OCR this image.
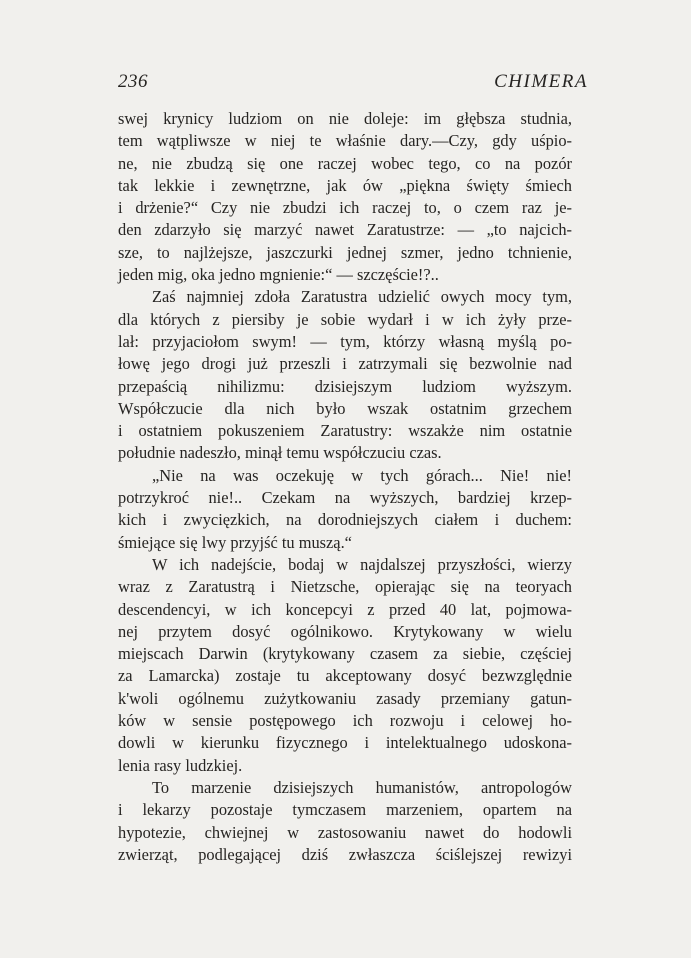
236	CHIMERA
swej krynicy ludziom on nie doleje: im głębsza studnia,
tem wątpliwsze w niej te właśnie dary.—Czy, gdy uśpio-
ne, nie zbudzą się one raczej wobec tego, co na pozór
tak lekkie i zewnętrzne, jak ów „piękna święty śmiech
i drżenie?“ Czy nie zbudzi ich raczej to, o czem raz je-
den zdarzyło się marzyć nawet Zaratustrze: — „to najcich-
sze, to najlżejsze, jaszczurki jednej szmer, jedno tchnienie,
jeden mig, oka jedno mgnienie:“ — szczęście!?..
Zaś najmniej zdoła Zaratustra udzielić owych mocy tym,
dla których z piersiby je sobie wydarł i w ich żyły prze-
lał: przyjaciołom swym! — tym, którzy własną myślą po-
łowę jego drogi już przeszli i zatrzymali się bezwolnie nad
przepaścią nihilizmu: dzisiejszym ludziom wyższym.
Współczucie dla nich było wszak ostatnim grzechem
i ostatniem pokuszeniem Zaratustry: wszakże nim ostatnie
południe nadeszło, minął temu współczuciu czas.
„Nie na was oczekuję w tych górach... Nie! nie!
potrzykroć nie!.. Czekam na wyższych, bardziej krzep-
kich i zwycięzkich, na dorodniejszych ciałem i duchem:
śmiejące się lwy przyjść tu muszą.“
W ich nadejście, bodaj w najdalszej przyszłości, wierzy
wraz z Zaratustrą i Nietzsche, opierając się na teoryach
descendencyi, w ich koncepcyi z przed 40 lat, pojmowa-
nej przytem dosyć ogólnikowo. Krytykowany w wielu
miejscach Darwin (krytykowany czasem za siebie, częściej
za Lamarcka) zostaje tu akceptowany dosyć bezwzględnie
k'woli ogólnemu zużytkowaniu zasady przemiany gatun-
ków w sensie postępowego ich rozwoju i celowej ho-
dowli w kierunku fizycznego i intelektualnego udoskona-
lenia rasy ludzkiej.
To marzenie dzisiejszych humanistów, antropologów
i lekarzy pozostaje tymczasem marzeniem, opartem na
hypotezie, chwiejnej w zastosowaniu nawet do hodowli
zwierząt, podlegającej dziś zwłaszcza ściślejszej rewizyi
